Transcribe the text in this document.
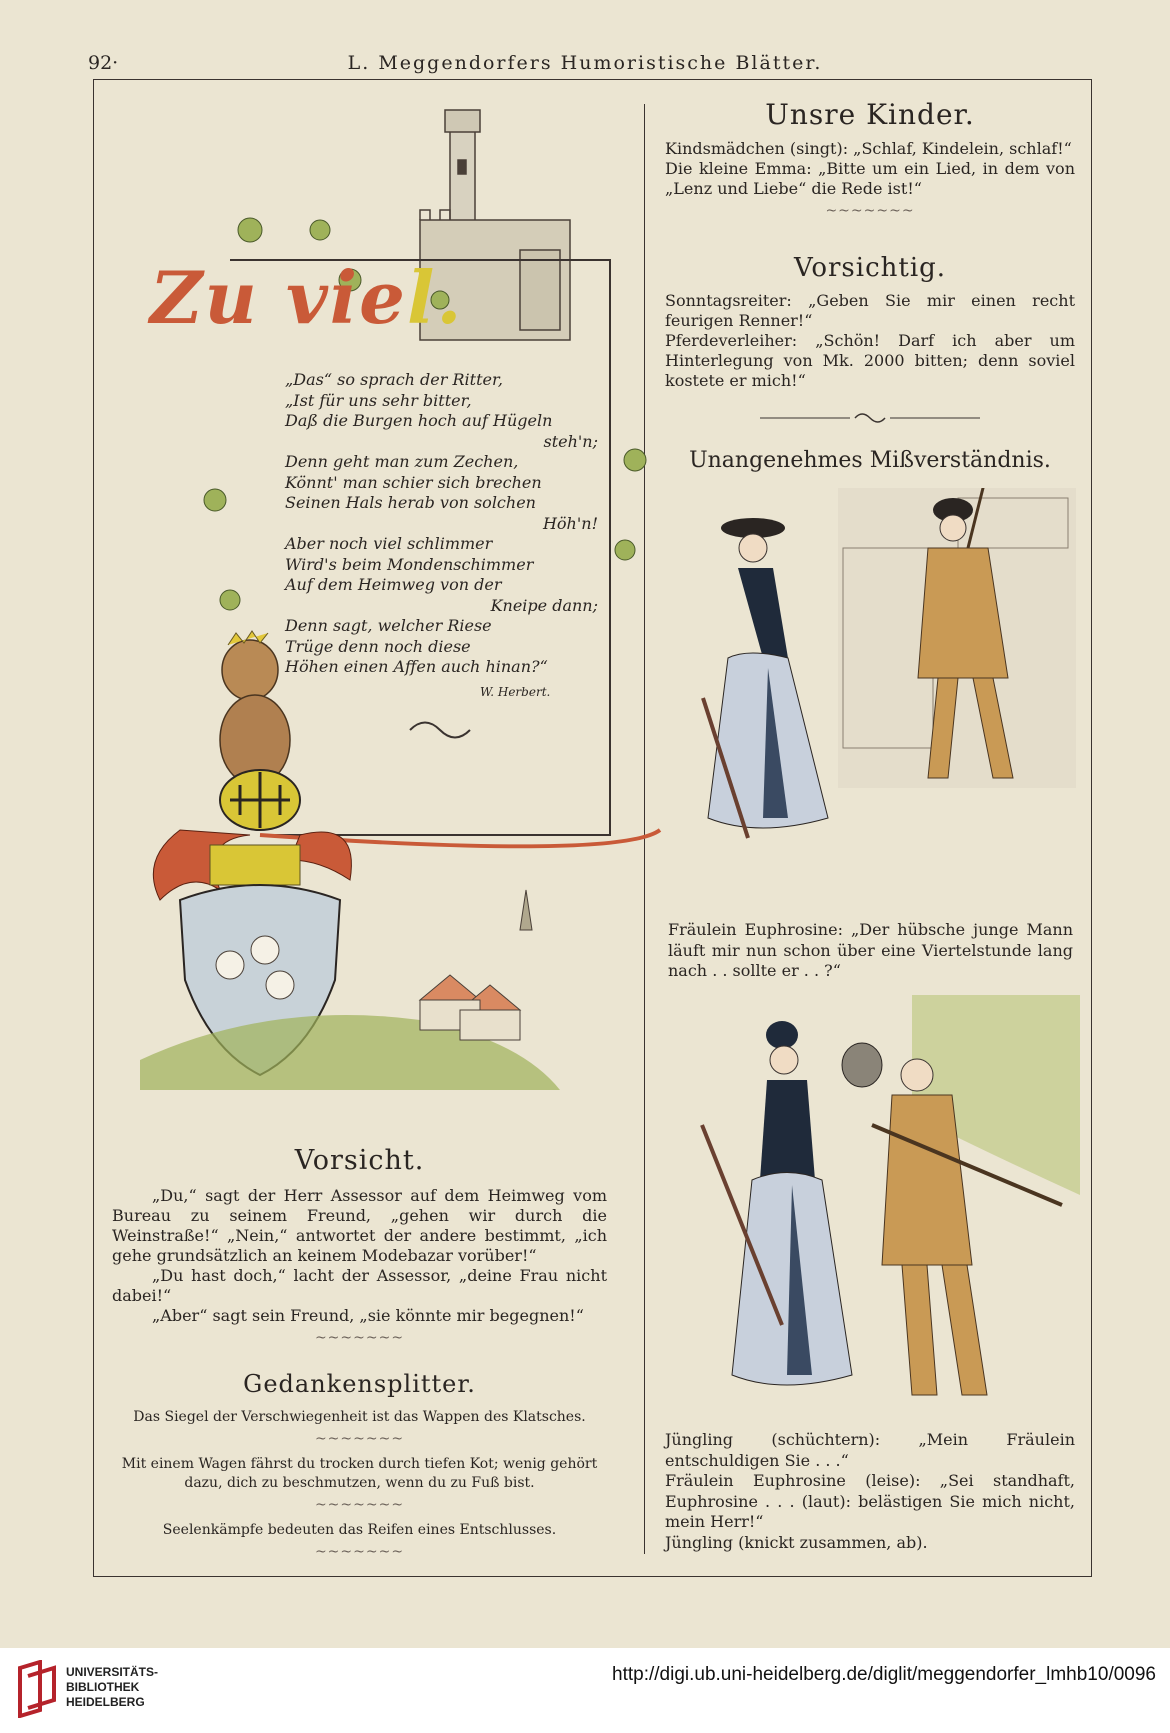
92·	L. Meggendorfers Humoristische Blätter.
Zu viel.
„Das“ so sprach der Ritter,
„Ist für uns sehr bitter,
Daß die Burgen hoch auf Hügeln
steh'n;
Denn geht man zum Zechen,
Könnt' man schier sich brechen
Seinen Hals herab von solchen
Höh'n!
Aber noch viel schlimmer
Wird's beim Mondenschimmer
Auf dem Heimweg von der
Kneipe dann;
Denn sagt, welcher Riese
Trüge denn noch diese
Höhen einen Affen auch hinan?“
W. Herbert.
Vorsicht.
„Du,“ sagt der Herr Assessor auf dem Heimweg vom Bureau zu seinem Freund, „gehen wir durch die Weinstraße!“ „Nein,“ antwortet der andere bestimmt, „ich gehe grundsätzlich an keinem Modebazar vorüber!“
„Du hast doch,“ lacht der Assessor, „deine Frau nicht dabei!“
„Aber“ sagt sein Freund, „sie könnte mir begegnen!“
~~~~~~~
Gedankensplitter.
Das Siegel der Verschwiegenheit ist das Wappen des Klatsches.
~~~~~~~
Mit einem Wagen fährst du trocken durch tiefen Kot; wenig gehört dazu, dich zu beschmutzen, wenn du zu Fuß bist.
~~~~~~~
Seelenkämpfe bedeuten das Reifen eines Entschlusses.
~~~~~~~
Unsre Kinder.
Kindsmädchen (singt): „Schlaf, Kindelein, schlaf!“
Die kleine Emma: „Bitte um ein Lied, in dem von „Lenz und Liebe“ die Rede ist!“
~~~~~~~
Vorsichtig.
Sonntagsreiter: „Geben Sie mir einen recht feurigen Renner!“
Pferdeverleiher: „Schön! Darf ich aber um Hinterlegung von Mk. 2000 bitten; denn soviel kostete er mich!“
Unangenehmes Mißverständnis.
Fräulein Euphrosine: „Der hübsche junge Mann läuft mir nun schon über eine Viertelstunde lang nach . . sollte er . . ?“
Jüngling (schüchtern): „Mein Fräulein entschuldigen Sie . . .“
Fräulein Euphrosine (leise): „Sei standhaft, Euphrosine . . . (laut): belästigen Sie mich nicht, mein Herr!“
Jüngling (knickt zusammen, ab).
UNIVERSITÄTS-
BIBLIOTHEK
HEIDELBERG
http://digi.ub.uni-heidelberg.de/diglit/meggendorfer_lmhb10/0096
